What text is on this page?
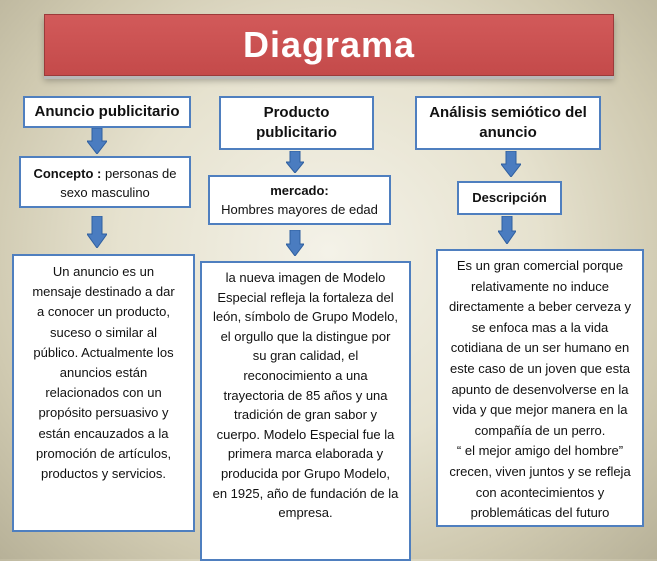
Diagrama
Anuncio publicitario
Concepto : personas de sexo masculino
Un anuncio es un mensaje destinado a dar a conocer un producto, suceso o similar al público. Actualmente los anuncios están relacionados con un propósito persuasivo y están encauzados a la promoción de artículos, productos y servicios.
Producto publicitario
mercado:
Hombres mayores de edad
la nueva imagen de Modelo Especial refleja la fortaleza del león, símbolo de Grupo Modelo, el orgullo que la distingue por su gran calidad, el reconocimiento a una trayectoria de 85 años y una tradición de gran sabor y cuerpo. Modelo Especial fue la primera marca elaborada y producida por Grupo Modelo, en 1925, año de fundación de la empresa.
Análisis semiótico del anuncio
Descripción
Es un gran comercial porque relativamente no induce directamente a beber cerveza y se enfoca mas a la vida cotidiana de un ser humano en este caso de un joven que esta apunto de desenvolverse en la vida y que mejor manera en la compañía de un perro.
“ el mejor amigo del hombre” crecen, viven juntos y se refleja con acontecimientos y problemáticas del futuro
